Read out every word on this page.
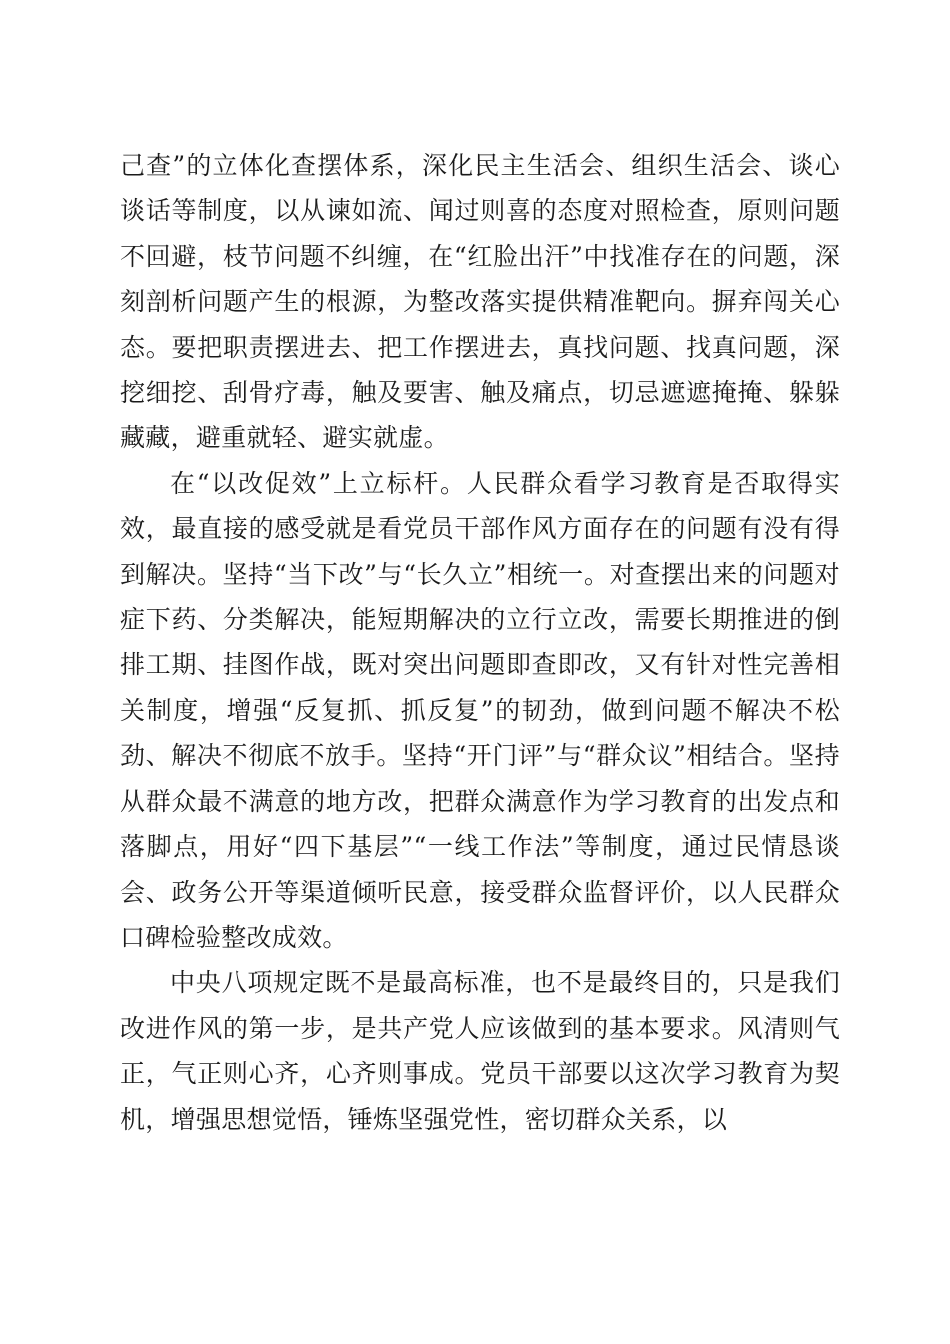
己查”的立体化查摆体系，深化民主生活会、组织生活会、谈心谈话等制度，以从谏如流、闻过则喜的态度对照检查，原则问题不回避，枝节问题不纠缠，在“红脸出汗”中找准存在的问题，深刻剖析问题产生的根源，为整改落实提供精准靶向。摒弃闯关心态。要把职责摆进去、把工作摆进去，真找问题、找真问题，深挖细挖、刮骨疗毒，触及要害、触及痛点，切忌遮遮掩掩、躲躲藏藏，避重就轻、避实就虚。

在“以改促效”上立标杆。人民群众看学习教育是否取得实效，最直接的感受就是看党员干部作风方面存在的问题有没有得到解决。坚持“当下改”与“长久立”相统一。对查摆出来的问题对症下药、分类解决，能短期解决的立行立改，需要长期推进的倒排工期、挂图作战，既对突出问题即查即改，又有针对性完善相关制度，增强“反复抓、抓反复”的韧劲，做到问题不解决不松劲、解决不彻底不放手。坚持“开门评”与“群众议”相结合。坚持从群众最不满意的地方改，把群众满意作为学习教育的出发点和落脚点，用好“四下基层”“一线工作法”等制度，通过民情恳谈会、政务公开等渠道倾听民意，接受群众监督评价，以人民群众口碑检验整改成效。

中央八项规定既不是最高标准，也不是最终目的，只是我们改进作风的第一步，是共产党人应该做到的基本要求。风清则气正，气正则心齐，心齐则事成。党员干部要以这次学习教育为契机，增强思想觉悟，锤炼坚强党性，密切群众关系，以
